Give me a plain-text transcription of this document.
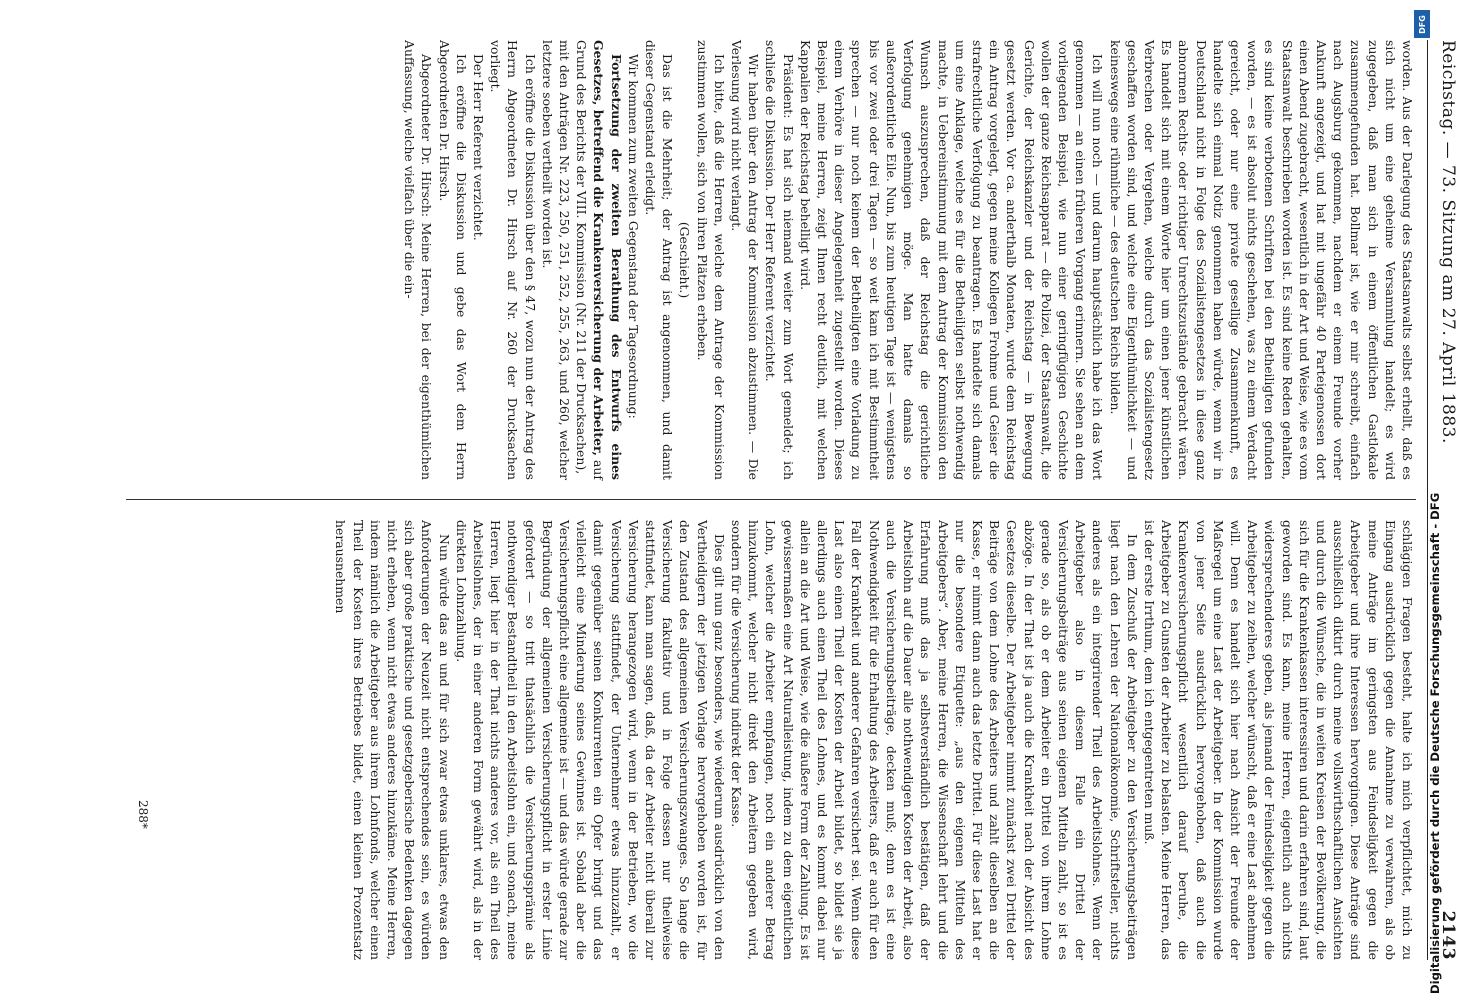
Reichstag. — 73. Sitzung am 27. April 1883.
2143

worden. Aus der Darlegung des Staatsanwalts selbst erhellt, daß es sich nicht um eine geheime Versammlung handelt; es wird zugegeben, daß man sich in einem öffentlichen Gastlokale zusammengefunden hat. Bollmar ist, wie er mir schreibt, einfach nach Augsburg gekommen, nachdem er einem Freunde vorher Ankunft angezeigt, und hat mit ungefähr 40 Parteigenossen dort einen Abend zugebracht, wesentlich in der Art und Weise, wie es vom Staatsanwalt beschrieben worden ist. Es sind keine Reden gehalten, es sind keine verbotenen Schriften bei den Betheiligten gefunden worden, — es ist absolut nichts geschehen, was zu einem Verdacht gereicht, oder nur eine private gesellige Zusammenkunft, es handelte sich einmal Notiz genommen haben würde, wenn wir in Deutschland nicht in Folge des Sozialistengesetzes in diese ganz abnormen Rechts- oder richtiger Unrechtszustände gebracht wären. Es handelt sich mit einem Worte hier um einen jener künstlichen Verbrechen oder Vergehen, welche durch das Sozialistengesetz geschaffen worden sind, und welche eine Eigenthümlichkeit — und keineswegs eine rühmliche — des deutschen Reichs bilden.

Ich will nun noch — und darum hauptsächlich habe ich das Wort genommen — an einen früheren Vorgang erinnern. Sie sehen an dem vorliegenden Beispiel, wie nun einer geringfügigen Geschichte wollen der ganze Reichsapparat — die Polizei, der Staatsanwalt, die Gerichte, der Reichskanzler und der Reichstag — in Bewegung gesetzt werden. Vor ca. anderthalb Monaten, wurde dem Reichstag ein Antrag vorgelegt, gegen meine Kollegen Frohme und Geiser die strafrechtliche Verfolgung zu beantragen. Es handelte sich damals um eine Anklage, welche es für die Betheiligten selbst nothwendig machte, in Uebereinstimmung mit dem Antrag der Kommission den Wunsch auszusprechen, daß der Reichstag die gerichtliche Verfolgung genehmigen möge. Man hatte damals so außerordentliche Eile. Nun, bis zum heutigen Tage ist — wenigstens bis vor zwei oder drei Tagen — so weit kam ich mit Bestimmtheit sprechen — nur noch keinem der Betheiligten eine Vorladung zu einem Verhöre in dieser Angelegenheit zugestellt worden. Dieses Beispiel, meine Herren, zeigt Ihnen recht deutlich, mit welchen Kappalien der Reichstag behelligt wird.

Präsident: Es hat sich niemand weiter zum Wort gemeldet; ich schließe die Diskussion. Der Herr Referent verzichtet.

Wir haben über den Antrag der Kommission abzustimmen. — Die Verlesung wird nicht verlangt.

Ich bitte, daß die Herren, welche dem Antrage der Kommission zustimmen wollen, sich von ihren Plätzen erheben.

(Geschieht.)

Das ist die Mehrheit; der Antrag ist angenommen, und damit dieser Gegenstand erledigt.

Wir kommen zum zweiten Gegenstand der Tagesordnung:

Fortsetzung der zweiten Berathung des Entwurfs eines Gesetzes, betreffend die Krankenversicherung der Arbeiter, auf Grund des Berichts der VIII. Kommission (Nr. 211 der Drucksachen),

mit den Anträgen Nr. 223, 250, 251, 252, 255, 263, und 260, welcher letztere soeben vertheilt worden ist.

Ich eröffne die Diskussion über den § 47, wozu nun der Antrag des Herrn Abgeordneten Dr. Hirsch auf Nr. 260 der Drucksachen vorliegt.

Der Herr Referent verzichtet.

Ich eröffne die Diskussion und gebe das Wort dem Herrn Abgeordneten Dr. Hirsch.

Abgeordneter Dr. Hirsch: Meine Herren, bei der eigenthümlichen Auffassung, welche vielfach über die ein-

schlägigen Fragen besteht, halte ich mich verpflichtet, mich zu Eingang ausdrücklich gegen die Annahme zu verwahren, als ob meine Anträge im geringsten aus Feindseligkeit gegen die Arbeitgeber und ihre Interessen hervorgingen. Diese Anträge sind ausschließlich diktirt durch meine vollswirthschaftlichen Ansichten und durch die Wünsche, die in weiten Kreisen der Bevölkerung, die sich für die Krankenkassen interessiren und darin erfahren sind, laut geworden sind. Es kann, meine Herren, eigentlich auch nichts widersprechenderes geben, als jemand der Feindseligkeit gegen die Arbeitgeber zu zeihen, welcher wünscht, daß er eine Last abnehmen will. Denn es handelt sich hier nach Ansicht der Freunde der Maßregel um eine Last der Arbeitgeber. In der Kommission wurde von jener Seite ausdrücklich hervorgehoben, daß auch die Krankenversicherungspflicht wesentlich darauf beruhe, die Arbeitgeber zu Gunsten der Arbeiter zu belasten. Meine Herren, das ist der erste Irrthum, dem ich entgegentreten muß.

In dem Zuschuß der Arbeitgeber zu den Versicherungsbeiträgen liegt nach den Lehren der Nationalökonomie, Schriftsteller, nichts anderes als ein integrirender Theil des Arbeitslohnes. Wenn der Arbeitgeber also in diesem Falle ein Drittel der Versicherungsbeiträge aus seinen eigenen Mitteln zahlt, so ist es gerade so, als ob er dem Arbeiter ein Drittel von ihrem Lohne abzöge. In der That ist ja auch die Krankheit nach der Absicht des Gesetzes dieselbe. Der Arbeitgeber nimmt zunächst zwei Drittel der Beiträge von dem Lohne des Arbeiters und zahlt dieselben an die Kasse, er nimmt dann auch das letzte Drittel. Für diese Last hat er nur die besondere Etiquette: „aus den eigenen Mitteln des Arbeitgebers“. Aber, meine Herren, die Wissenschaft lehrt und die Erfahrung muß das ja selbstverständlich bestätigen, daß der Arbeitslohn auf die Dauer alle nothwendigen Kosten der Arbeit, also auch die Versicherungsbeiträge, decken muß; denn es ist eine Nothwendigkeit für die Erhaltung des Arbeiters, daß er auch für den Fall der Krankheit und anderer Gefahren versichert sei. Wenn diese Last also einen Theil der Kosten der Arbeit bildet, so bildet sie ja allerdings auch einen Theil des Lohnes, und es kommt dabei nur allein an die Art und Weise, wie die äußere Form der Zahlung. Es ist gewissermaßen eine Art Naturalleistung, indem zu dem eigentlichen Lohn, welcher die Arbeiter empfangen, noch ein anderer Betrag hinzukommt, welcher nicht direkt den Arbeitern gegeben wird, sondern für die Versicherung indirekt der Kasse.

Dies gilt nun ganz besonders, wie wiederum ausdrücklich von den Vertheidigern der jetzigen Vorlage hervorgehoben worden ist, für den Zustand des allgemeinen Versicherungszwanges. So lange die Versicherung fakultativ und in Folge dessen nur theilweise stattfindet, kann man sagen, daß, da der Arbeiter nicht überall zur Versicherung herangezogen wird, wenn in der Betrieben, wo die Versicherung stattfindet, der Unternehmer etwas hinzuzahlt, er damit gegenüber seinen Konkurrenten ein Opfer bringt und das vielleicht eine Minderung seines Gewinnes ist. Sobald aber die Versicherungspflicht eine allgemeine ist — und das würde gerade zur Begründung der allgemeinen Versicherungspflicht in erster Linie gefordert — so tritt thatsächlich die Versicherungsprämie als nothwendiger Bestandtheil in den Arbeitslohn ein, und sonach, meine Herren, liegt hier in der That nichts anderes vor, als ein Theil des Arbeitslohnes, der in einer anderen Form gewährt wird, als in der direkten Lohnzahlung.

Nun würde das an und für sich zwar etwas unklares, etwas den Anforderungen der Neuzeit nicht entsprechendes sein, es würden sich aber große praktische und gesetzgeberische Bedenken dagegen nicht erheben, wenn nicht etwas anderes hinzukäme. Meine Herren, indem nämlich die Arbeitgeber aus ihrem Lohnfonds, welcher einen Theil der Kosten ihres Betriebes bildet, einen kleinen Prozentsatz herausnehmen

288*
DFG
Digitalisierung gefördert durch die Deutsche Forschungsgemeinschaft - DFG
